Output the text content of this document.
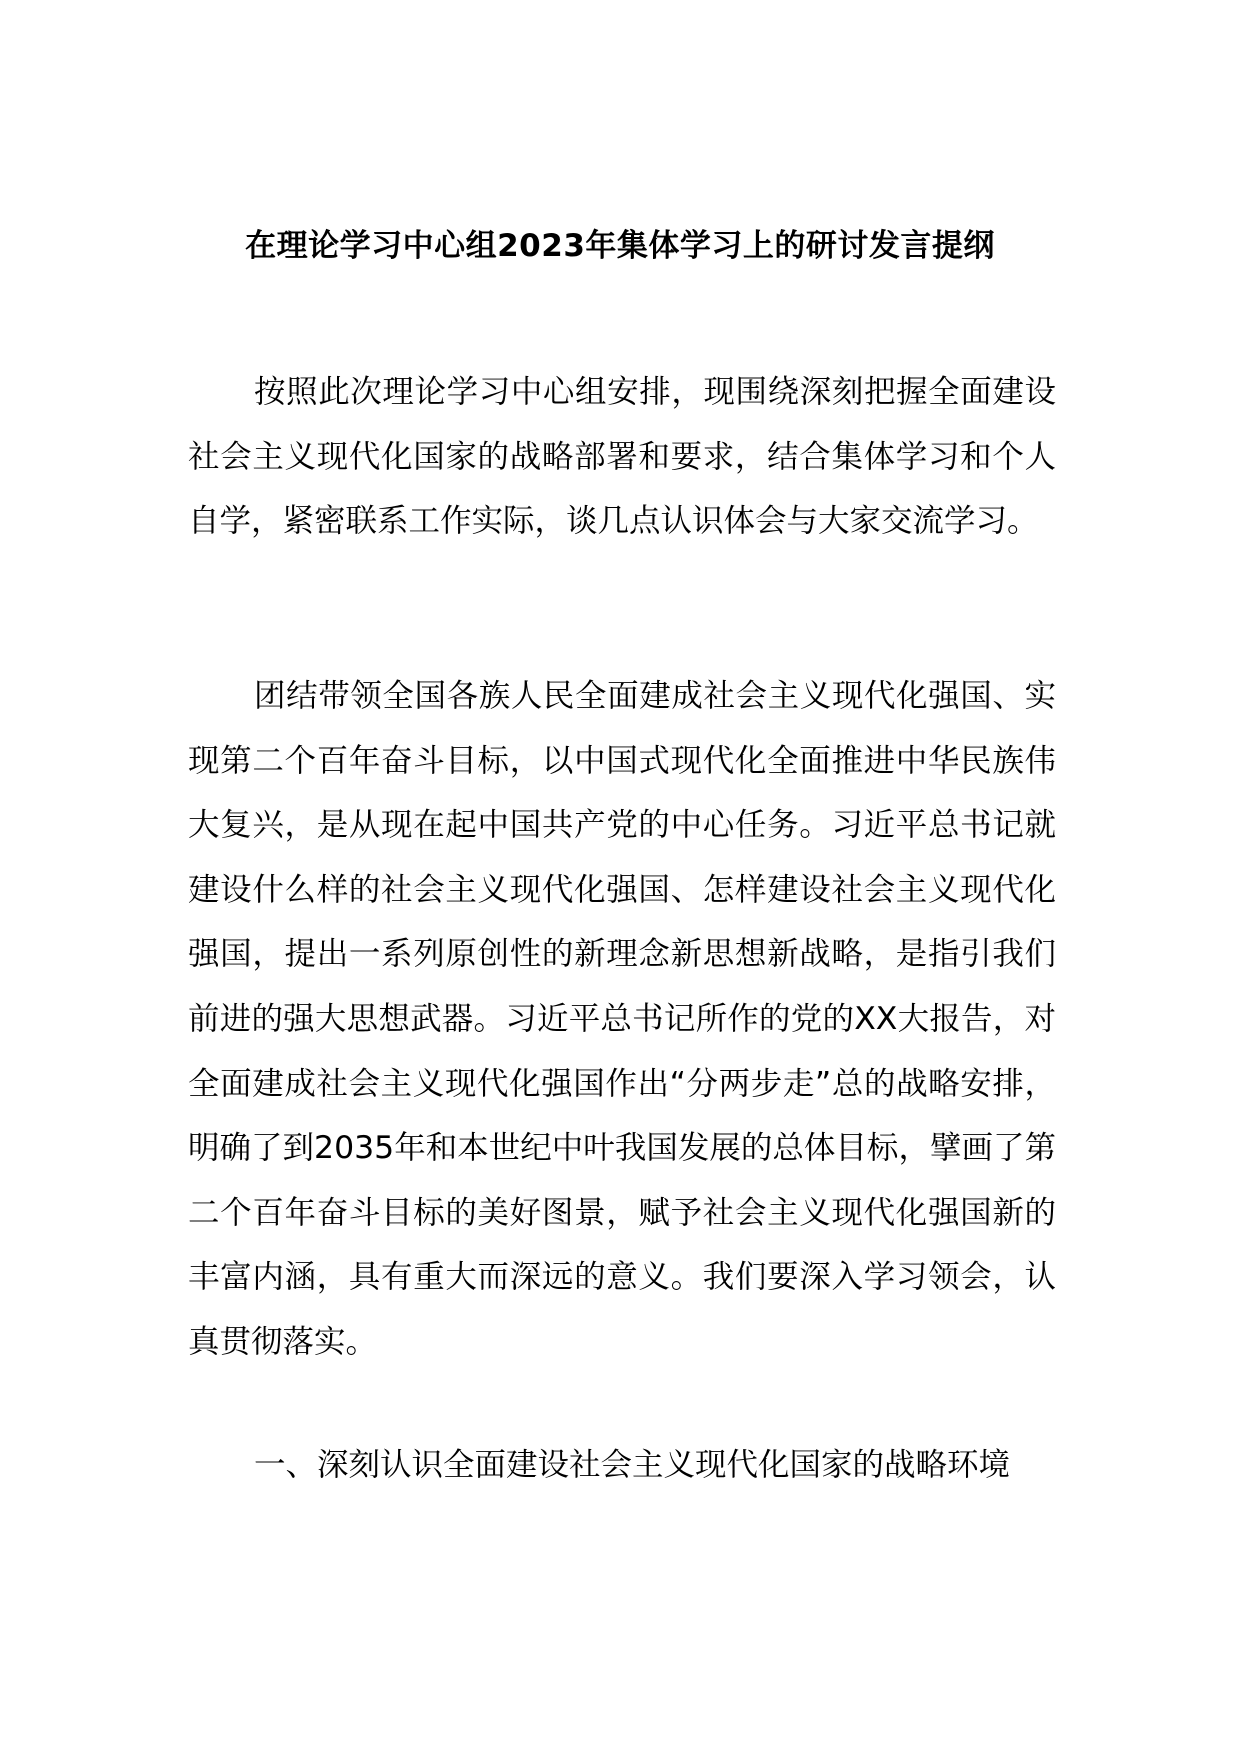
在理论学习中心组2023年集体学习上的研讨发言提纲

按照此次理论学习中心组安排，现围绕深刻把握全面建设社会主义现代化国家的战略部署和要求，结合集体学习和个人自学，紧密联系工作实际，谈几点认识体会与大家交流学习。

团结带领全国各族人民全面建成社会主义现代化强国、实现第二个百年奋斗目标，以中国式现代化全面推进中华民族伟大复兴，是从现在起中国共产党的中心任务。习近平总书记就建设什么样的社会主义现代化强国、怎样建设社会主义现代化强国，提出一系列原创性的新理念新思想新战略，是指引我们前进的强大思想武器。习近平总书记所作的党的XX大报告，对全面建成社会主义现代化强国作出“分两步走”总的战略安排，明确了到2035年和本世纪中叶我国发展的总体目标，擘画了第二个百年奋斗目标的美好图景，赋予社会主义现代化强国新的丰富内涵，具有重大而深远的意义。我们要深入学习领会，认真贯彻落实。

一、深刻认识全面建设社会主义现代化国家的战略环境
